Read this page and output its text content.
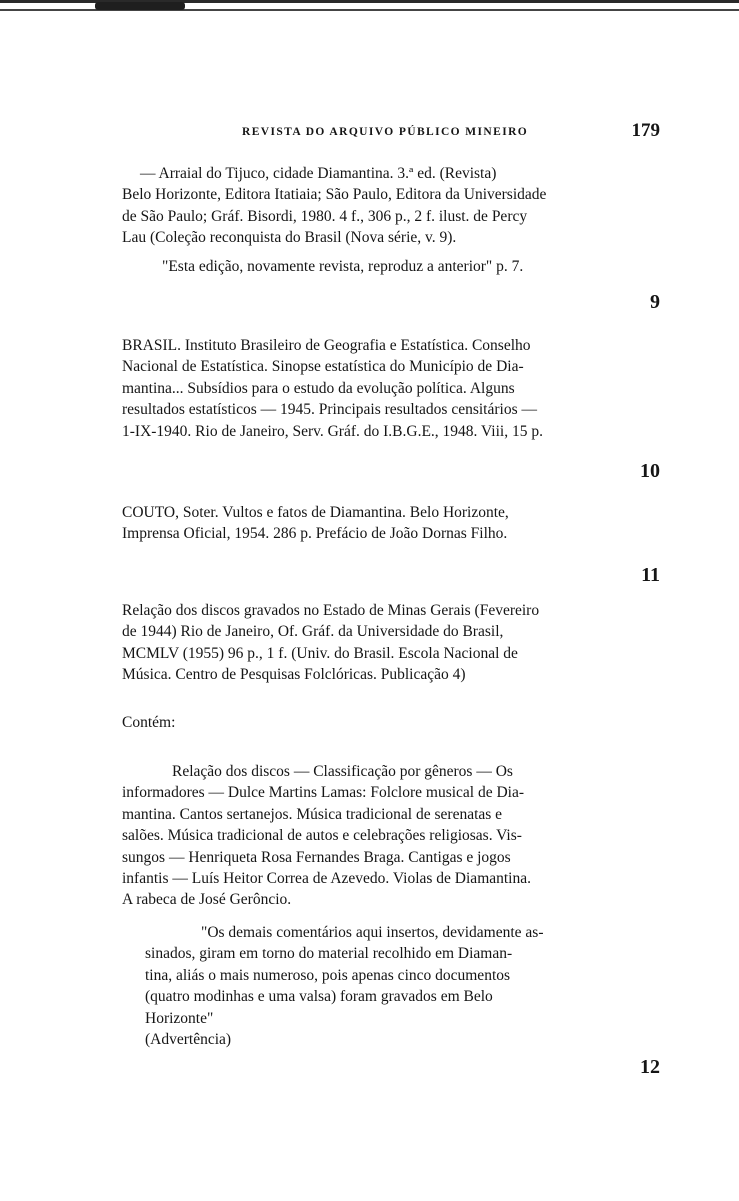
REVISTA DO ARQUIVO PÚBLICO MINEIRO	179
— Arraial do Tijuco, cidade Diamantina. 3.ª ed. (Revista)
Belo Horizonte, Editora Itatiaia; São Paulo, Editora da Universidade
de São Paulo; Gráf. Bisordi, 1980. 4 f., 306 p., 2 f. ilust. de Percy
Lau (Coleção reconquista do Brasil (Nova série, v. 9).
"Esta edição, novamente revista, reproduz a anterior" p. 7.

9

BRASIL. Instituto Brasileiro de Geografia e Estatística. Conselho
Nacional de Estatística. Sinopse estatística do Município de Dia-
mantina... Subsídios para o estudo da evolução política. Alguns
resultados estatísticos — 1945. Principais resultados censitários —
1-IX-1940. Rio de Janeiro, Serv. Gráf. do I.B.G.E., 1948. Viii, 15 p.

10

COUTO, Soter. Vultos e fatos de Diamantina. Belo Horizonte,
Imprensa Oficial, 1954. 286 p. Prefácio de João Dornas Filho.

11

Relação dos discos gravados no Estado de Minas Gerais (Fevereiro
de 1944) Rio de Janeiro, Of. Gráf. da Universidade do Brasil,
MCMLV (1955) 96 p., 1 f. (Univ. do Brasil. Escola Nacional de
Música. Centro de Pesquisas Folclóricas. Publicação 4)
Contém:
Relação dos discos — Classificação por gêneros — Os
informadores — Dulce Martins Lamas: Folclore musical de Dia-
mantina. Cantos sertanejos. Música tradicional de serenatas e
salões. Música tradicional de autos e celebrações religiosas. Vis-
sungos — Henriqueta Rosa Fernandes Braga. Cantigas e jogos
infantis — Luís Heitor Correa de Azevedo. Violas de Diamantina.
A rabeca de José Gerôncio.
"Os demais comentários aqui insertos, devidamente as-
sinados, giram em torno do material recolhido em Diaman-
tina, aliás o mais numeroso, pois apenas cinco documentos
(quatro modinhas e uma valsa) foram gravados em Belo
Horizonte"
(Advertência)

12
